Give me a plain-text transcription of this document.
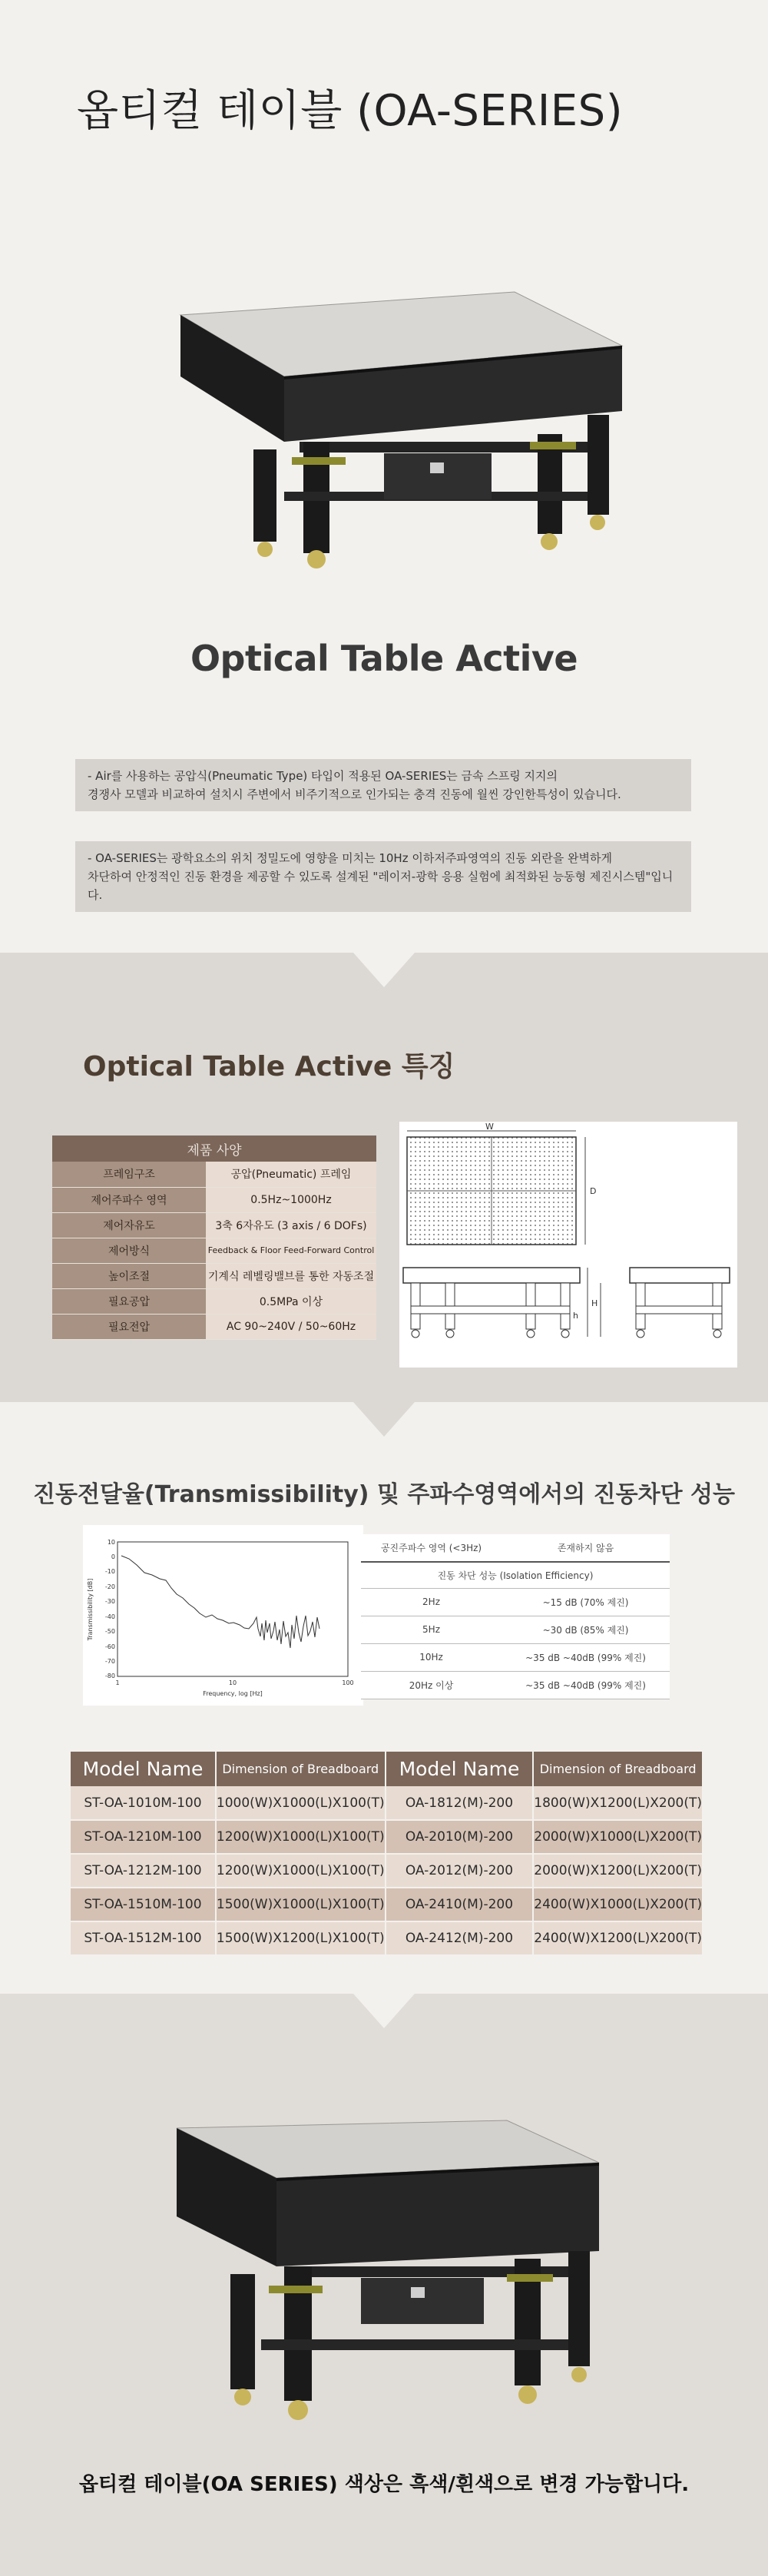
옵티컬 테이블 (OA-SERIES)
Optical Table Active

- Air를 사용하는 공압식(Pneumatic Type) 타입이 적용된 OA-SERIES는 금속 스프링 지지의

경쟁사 모델과 비교하여 설치시 주변에서 비주기적으로 인가되는 충격 진동에 월씬 강인한특성이 있습니다.

- OA-SERIES는 광학요소의 위치 정밀도에 영향을 미치는 10Hz 이하저주파영역의 진동 외란을 완벽하게

차단하여 안정적인 진동 환경을 제공할 수 있도록 설계된 "레이저-광학 응용 실험에 최적화된 능동형 제진시스템"입니다.

Optical Table Active 특징
제품 사양	
프레임구조	공압(Pneumatic) 프레임
제어주파수 영역	0.5Hz~1000Hz
제어자유도	3축 6자유도 (3 axis / 6 DOFs)
제어방식	Feedback & Floor Feed-Forward Control
높이조절	기계식 레벨링밸브를 통한 자동조절
필요공압	0.5MPa 이상
필요전압	AC 90~240V / 50~60Hz
W
D
H
h
진동전달율(Transmissibility) 및 주파수영역에서의 진동차단 성능
10
0
-10
-20
-30
-40
-50
-60
-70
-80
1	10	100
Frequency, log [Hz]
Transmissibility [dB]
공진주파수 영역 (<3Hz)	존재하지 않음
진동 차단 성능 (Isolation Efficiency)	
2Hz	~15 dB (70% 제진)
5Hz	~30 dB (85% 제진)
10Hz	~35 dB ~40dB (99% 제진)
20Hz 이상	~35 dB ~40dB (99% 제진)
Model Name	Dimension of Breadboard	Model Name	Dimension of Breadboard
ST-OA-1010M-100	1000(W)X1000(L)X100(T)	OA-1812(M)-200	1800(W)X1200(L)X200(T)
ST-OA-1210M-100	1200(W)X1000(L)X100(T)	OA-2010(M)-200	2000(W)X1000(L)X200(T)
ST-OA-1212M-100	1200(W)X1000(L)X100(T)	OA-2012(M)-200	2000(W)X1200(L)X200(T)
ST-OA-1510M-100	1500(W)X1000(L)X100(T)	OA-2410(M)-200	2400(W)X1000(L)X200(T)
ST-OA-1512M-100	1500(W)X1200(L)X100(T)	OA-2412(M)-200	2400(W)X1200(L)X200(T)

옵티컬 테이블(OA SERIES) 색상은 흑색/흰색으로 변경 가능합니다.
